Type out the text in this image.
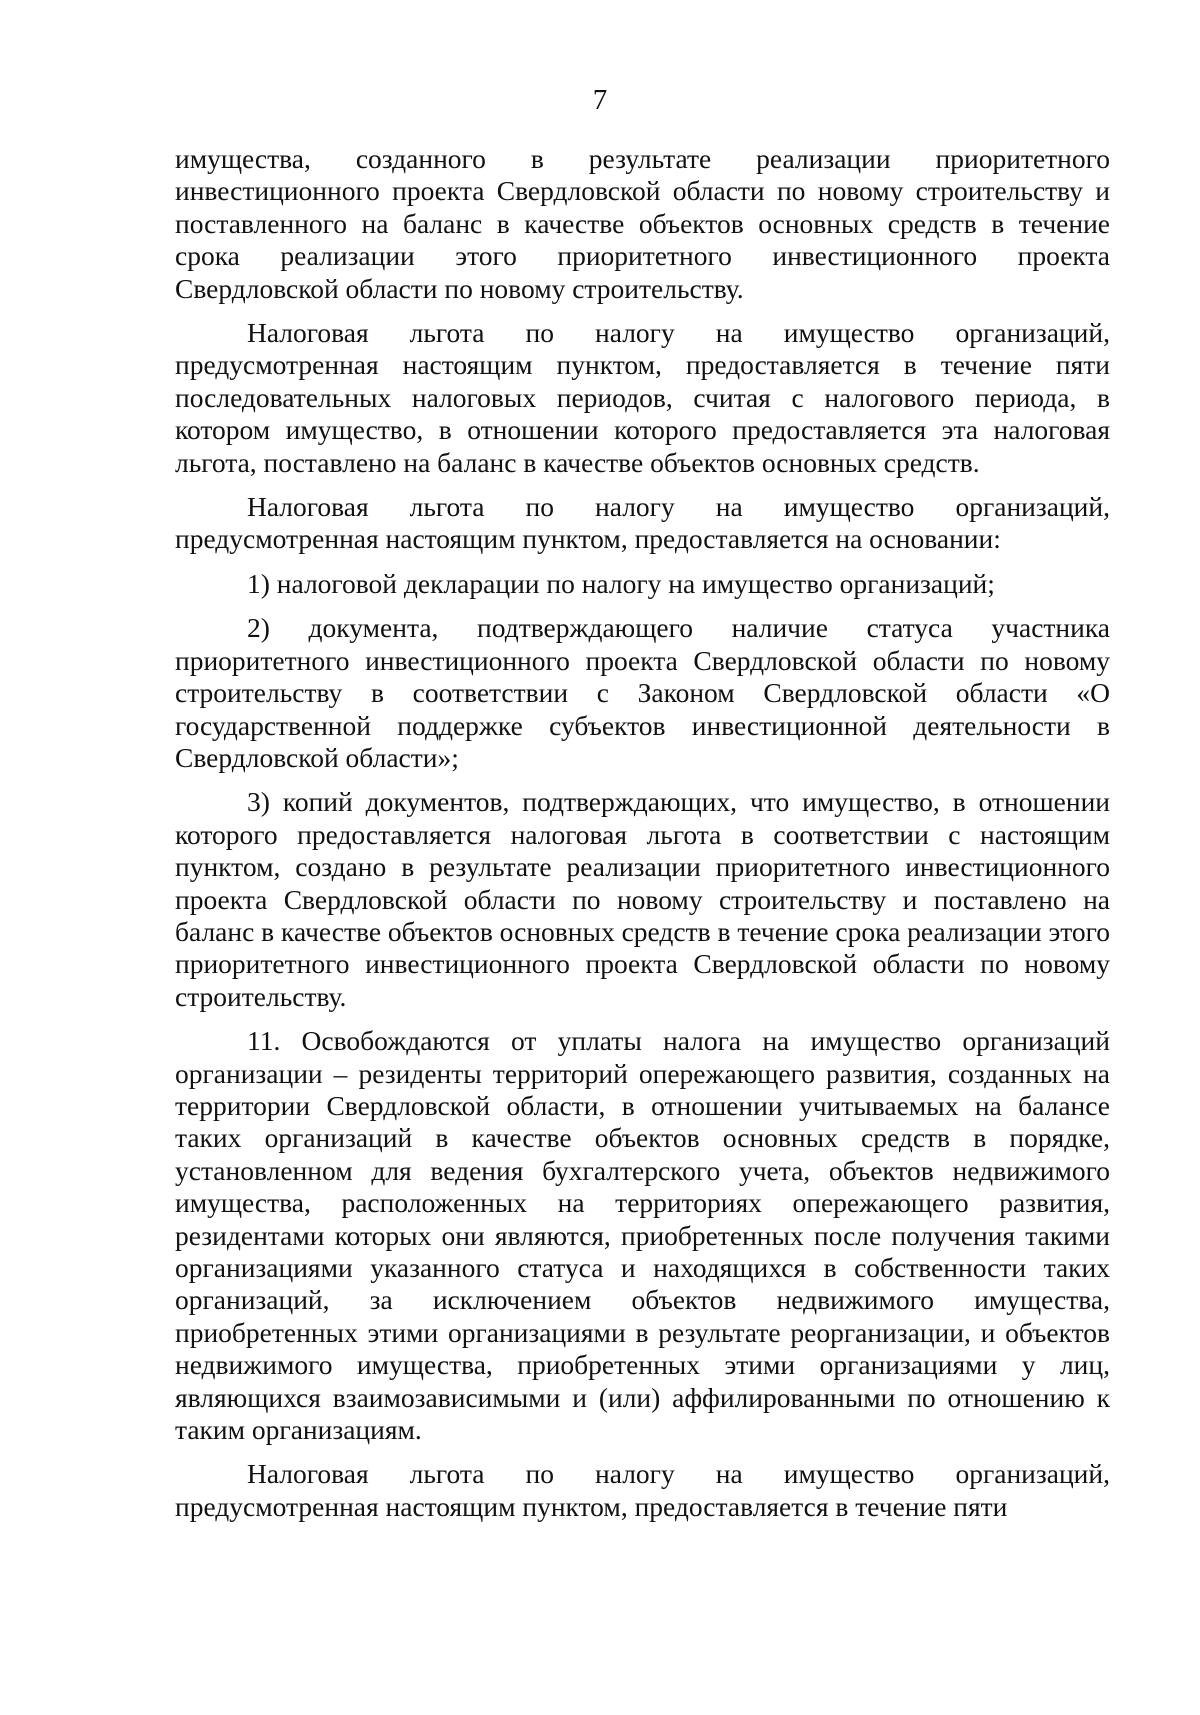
7

имущества, созданного в результате реализации приоритетного инвестиционного проекта Свердловской области по новому строительству и поставленного на баланс в качестве объектов основных средств в течение срока реализации этого приоритетного инвестиционного проекта Свердловской области по новому строительству.

Налоговая льгота по налогу на имущество организаций, предусмотренная настоящим пунктом, предоставляется в течение пяти последовательных налоговых периодов, считая с налогового периода, в котором имущество, в отношении которого предоставляется эта налоговая льгота, поставлено на баланс в качестве объектов основных средств.

Налоговая льгота по налогу на имущество организаций, предусмотренная настоящим пунктом, предоставляется на основании:

1) налоговой декларации по налогу на имущество организаций;

2) документа, подтверждающего наличие статуса участника приоритетного инвестиционного проекта Свердловской области по новому строительству в соответствии с Законом Свердловской области «О государственной поддержке субъектов инвестиционной деятельности в Свердловской области»;

3) копий документов, подтверждающих, что имущество, в отношении которого предоставляется налоговая льгота в соответствии с настоящим пунктом, создано в результате реализации приоритетного инвестиционного проекта Свердловской области по новому строительству и поставлено на баланс в качестве объектов основных средств в течение срока реализации этого приоритетного инвестиционного проекта Свердловской области по новому строительству.

11. Освобождаются от уплаты налога на имущество организаций организации – резиденты территорий опережающего развития, созданных на территории Свердловской области, в отношении учитываемых на балансе таких организаций в качестве объектов основных средств в порядке, установленном для ведения бухгалтерского учета, объектов недвижимого имущества, расположенных на территориях опережающего развития, резидентами которых они являются, приобретенных после получения такими организациями указанного статуса и находящихся в собственности таких организаций, за исключением объектов недвижимого имущества, приобретенных этими организациями в результате реорганизации, и объектов недвижимого имущества, приобретенных этими организациями у лиц, являющихся взаимозависимыми и (или) аффилированными по отношению к таким организациям.

Налоговая льгота по налогу на имущество организаций, предусмотренная настоящим пунктом, предоставляется в течение пяти
